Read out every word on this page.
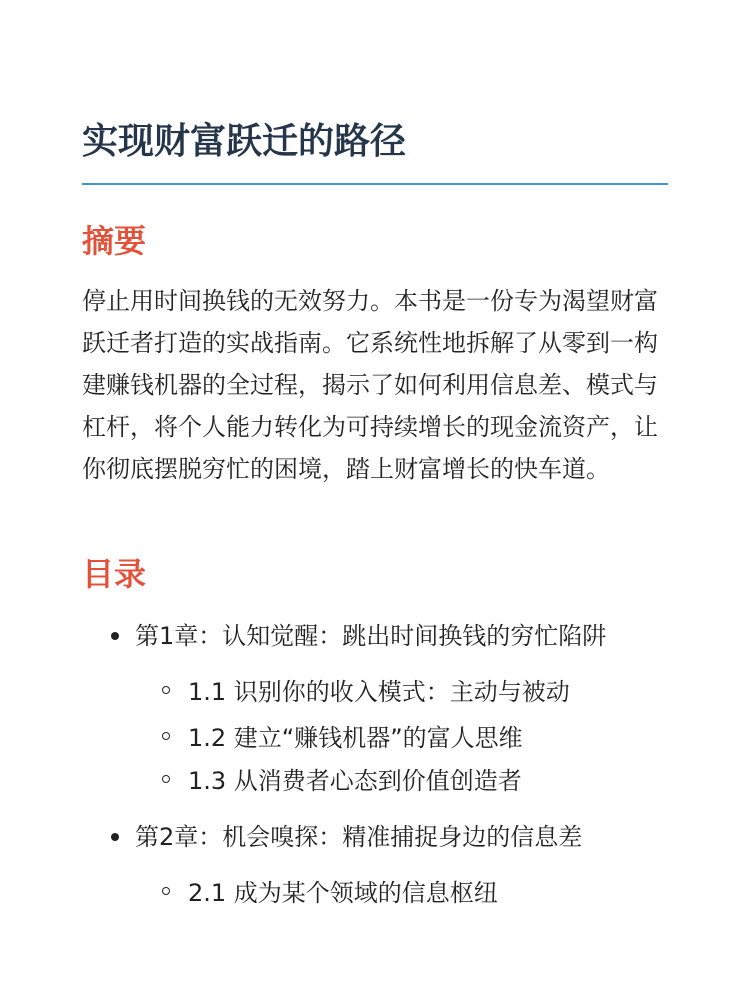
实现财富跃迁的路径
摘要

停止用时间换钱的无效努力。本书是一份专为渴望财富跃迁者打造的实战指南。它系统性地拆解了从零到一构建赚钱机器的全过程，揭示了如何利用信息差、模式与杠杆，将个人能力转化为可持续增长的现金流资产，让你彻底摆脱穷忙的困境，踏上财富增长的快车道。

目录
第1章：认知觉醒：跳出时间换钱的穷忙陷阱
1.1 识别你的收入模式：主动与被动
1.2 建立“赚钱机器”的富人思维
1.3 从消费者心态到价值创造者
第2章：机会嗅探：精准捕捉身边的信息差
2.1 成为某个领域的信息枢纽
